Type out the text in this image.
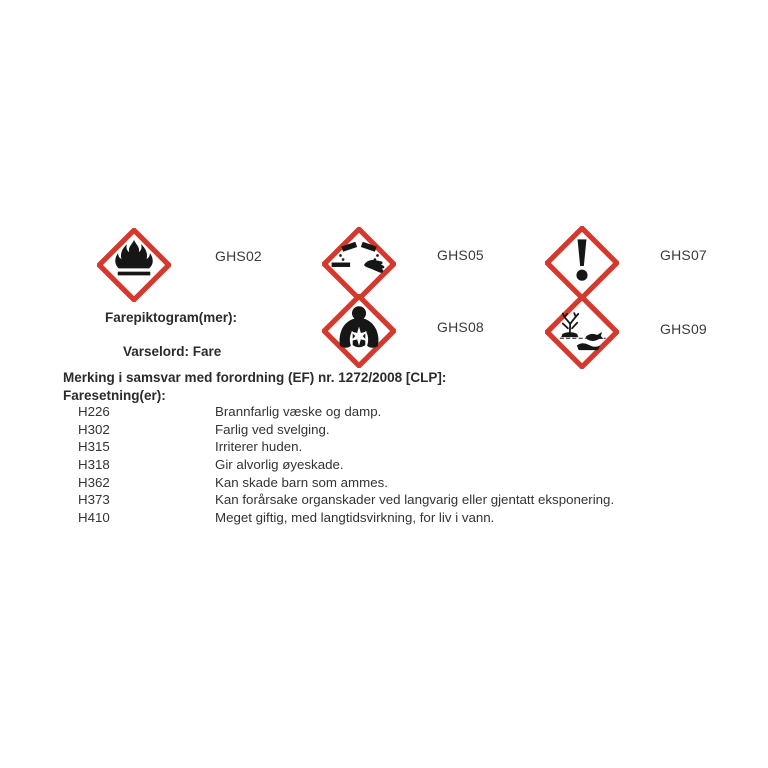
GHS02	GHS05	GHS07
GHS08	GHS09
Farepiktogram(mer):
Varselord: Fare
Merking i samsvar med forordning (EF) nr. 1272/2008 [CLP]:
Faresetning(er):
H226	Brannfarlig væske og damp.
H302	Farlig ved svelging.
H315	Irriterer huden.
H318	Gir alvorlig øyeskade.
H362	Kan skade barn som ammes.
H373	Kan forårsake organskader ved langvarig eller gjentatt eksponering.
H410	Meget giftig, med langtidsvirkning, for liv i vann.
